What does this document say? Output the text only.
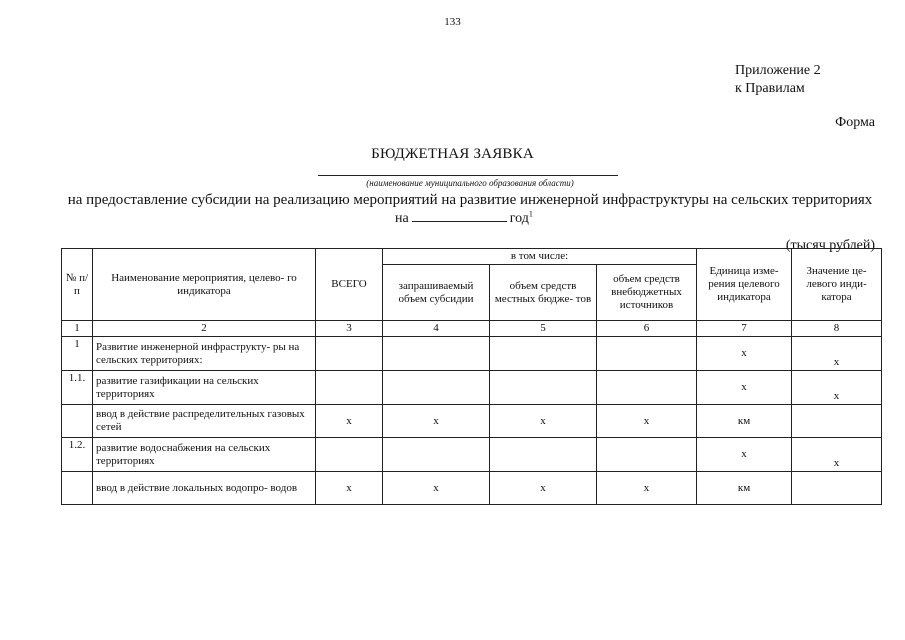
133
Приложение 2
к Правилам
Форма
БЮДЖЕТНАЯ ЗАЯВКА
(наименование муниципального образования области)
на предоставление субсидии на реализацию мероприятий на развитие инженерной инфраструктуры на сельских территориях
на	год$^1$
(тысяч рублей)
№ п/п	Наименование мероприятия, целево- го индикатора	ВСЕГО	в том числе:			Единица изме- рения целевого индикатора	Значение це- левого инди- катора
			запрашиваемый объем субсидии	объем средств местных бюдже- тов	объем средств внебюджетных источников		
1	2	3	4	5	6	7	8
1	Развитие инженерной инфраструкту- ры на сельских территориях:					х	х
1.1.	развитие газификации на сельских территориях					х	х
	ввод в действие распределительных газовых сетей	х	х	х	х	км	
1.2.	развитие водоснабжения на сельских территориях					х	х
	ввод в действие локальных водопро- водов	х	х	х	х	км	
